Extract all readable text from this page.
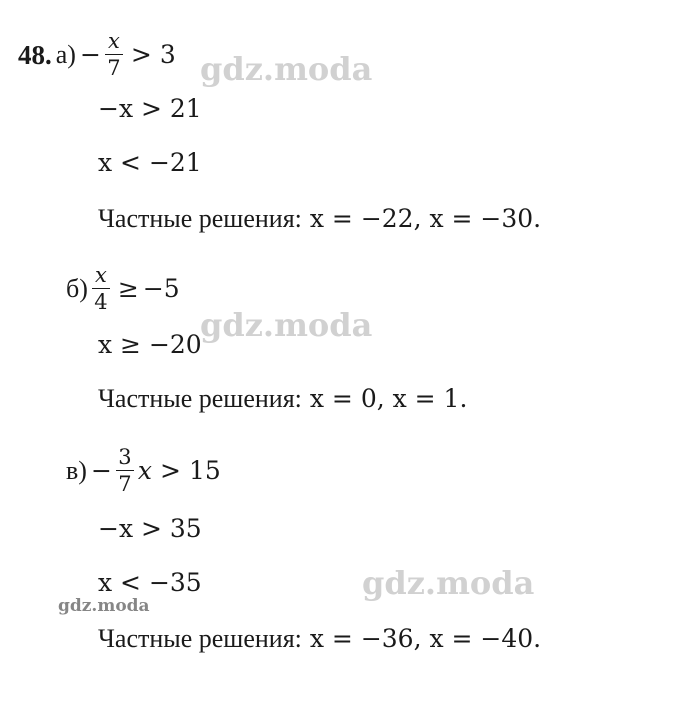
48. $а) - \frac{x}{7} > 3$
−x > 21
x < −21
Частные решения: x = −22, x = −30.
$б) \frac{x}{4} \ge -5$
x ≥ −20
Частные решения: x = 0, x = 1.
$в) - \frac{3}{7}$ x > 15
−x > 35
x < −35
Частные решения: x = −36, x = −40.
gdz.moda
gdz.moda
gdz.moda
gdz.moda
